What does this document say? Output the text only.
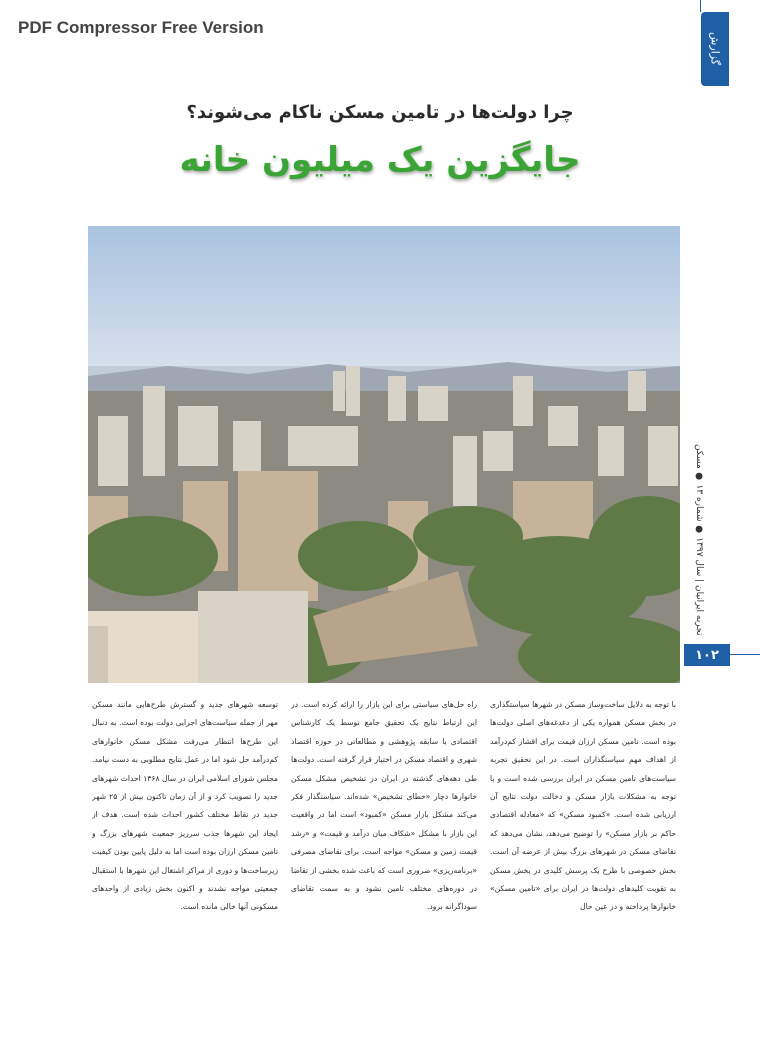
PDF Compressor Free Version
گزارش
چرا دولت‌ها در تامین مسکن ناکام می‌شوند؟
جایگزین یک میلیون خانه
تجربه ایرانیان | سال ۱۳۹۷ ● شماره ۱۳ ● مسکن
۱۰۲
با توجه به دلایل ساخت‌وساز مسکن در شهرها سیاستگذاری در بخش مسکن همواره یکی از دغدغه‌های اصلی دولت‌ها بوده است. تامین مسکن ارزان قیمت برای اقشار کم‌درآمد از اهداف مهم سیاستگذاران است. در این تحقیق تجربه سیاست‌های تامین مسکن در ایران بررسی شده است و با توجه به مشکلات بازار مسکن و دخالت دولت نتایج آن ارزیابی شده است. «کمبود مسکن» که «معادله اقتصادی حاکم بر بازار مسکن» را توضیح می‌دهد، نشان می‌دهد که تقاضای مسکن در شهرهای بزرگ بیش از عرضه آن است. بخش خصوصی با طرح یک پرسش کلیدی در بخش مسکن به تقویت کلیدهای دولت‌ها در ایران برای «تامین مسکن» خانوارها پرداخته و در عین حال
راه حل‌های سیاستی برای این بازار را ارائه کرده است. در این ارتباط نتایج یک تحقیق جامع توسط یک کارشناس اقتصادی با سابقه پژوهشی و مطالعاتی در حوزه اقتصاد شهری و اقتصاد مسکن در اختیار قرار گرفته است. دولت‌ها طی دهه‌های گذشته در ایران در تشخیص مشکل مسکن خانوارها دچار «خطای تشخیص» شده‌اند. سیاستگذار فکر می‌کند مشکل بازار مسکن «کمبود» است اما در واقعیت این بازار با مشکل «شکاف میان درآمد و قیمت» و «رشد قیمت زمین و مسکن» مواجه است. برای تقاضای مصرفی «برنامه‌ریزی» ضروری است که باعث شده بخشی از تقاضا در دوره‌های مختلف تامین نشود و به سمت تقاضای سوداگرانه برود.
توسعه شهرهای جدید و گسترش طرح‌هایی مانند مسکن مهر از جمله سیاست‌های اجرایی دولت بوده است. به دنبال این طرح‌ها انتظار می‌رفت مشکل مسکن خانوارهای کم‌درآمد حل شود اما در عمل نتایج مطلوبی به دست نیامد. مجلس شورای اسلامی ایران در سال ۱۳۶۸ احداث شهرهای جدید را تصویب کرد و از آن زمان تاکنون بیش از ۲۵ شهر جدید در نقاط مختلف کشور احداث شده است. هدف از ایجاد این شهرها جذب سرریز جمعیت شهرهای بزرگ و تامین مسکن ارزان بوده است اما به دلیل پایین بودن کیفیت زیرساخت‌ها و دوری از مراکز اشتغال این شهرها با استقبال جمعیتی مواجه نشدند و اکنون بخش زیادی از واحدهای مسکونی آنها خالی مانده است.
